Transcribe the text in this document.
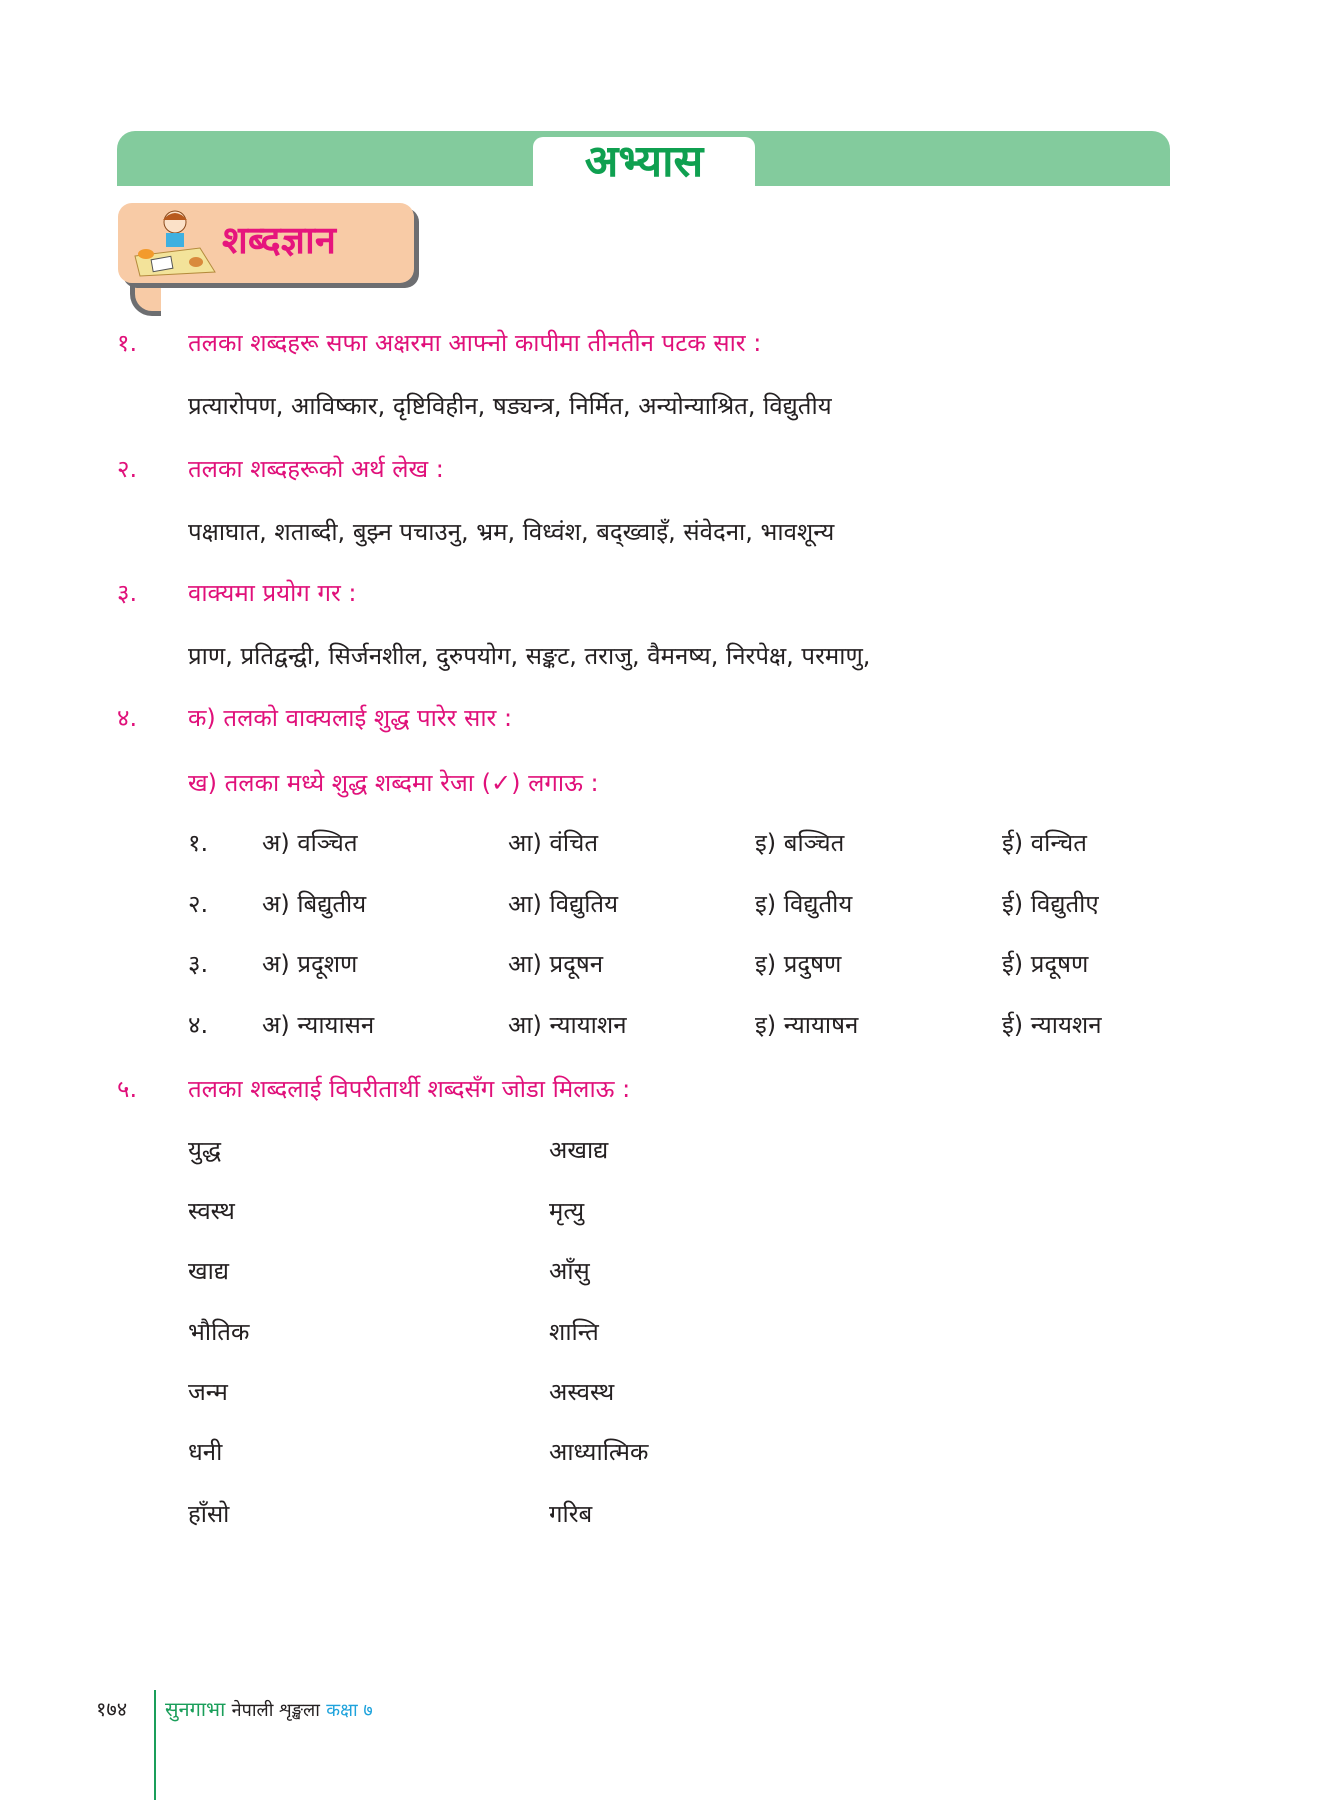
अभ्यास
शब्दज्ञान
१. तलका शब्दहरू सफा अक्षरमा आफ्नो कापीमा तीनतीन पटक सार :
प्रत्यारोपण, आविष्कार, दृष्टिविहीन, षड्यन्त्र, निर्मित, अन्योन्याश्रित, विद्युतीय
२. तलका शब्दहरूको अर्थ लेख :
पक्षाघात, शताब्दी, बुझ्न पचाउनु, भ्रम, विध्वंश, बद्ख्वाइँ, संवेदना, भावशून्य
३. वाक्यमा प्रयोग गर :
प्राण, प्रतिद्वन्द्वी, सिर्जनशील, दुरुपयोग, सङ्कट, तराजु, वैमनष्य, निरपेक्ष, परमाणु,
४. क) तलको वाक्यलाई शुद्ध पारेर सार :
ख) तलका मध्ये शुद्ध शब्दमा रेजा (✓) लगाऊ :
१. अ) वञ्चित	आ) वंचित	इ) बञ्चित	ई) वन्चित
२. अ) बिद्युतीय	आ) विद्युतिय	इ) विद्युतीय	ई) विद्युतीए
३. अ) प्रदूशण	आ) प्रदूषन	इ) प्रदुषण	ई) प्रदूषण
४. अ) न्यायासन	आ) न्यायाशन	इ) न्यायाषन	ई) न्यायशन
युद्ध	अखाद्य
स्वस्थ	मृत्यु
खाद्य	आँसु
भौतिक	शान्ति
जन्म	अस्वस्थ
धनी	आध्यात्मिक
हाँसो	गरिब
५. तलका शब्दलाई विपरीतार्थी शब्दसँग जोडा मिलाऊ :
१७४ सुनगाभा नेपाली शृङ्खला कक्षा ७
